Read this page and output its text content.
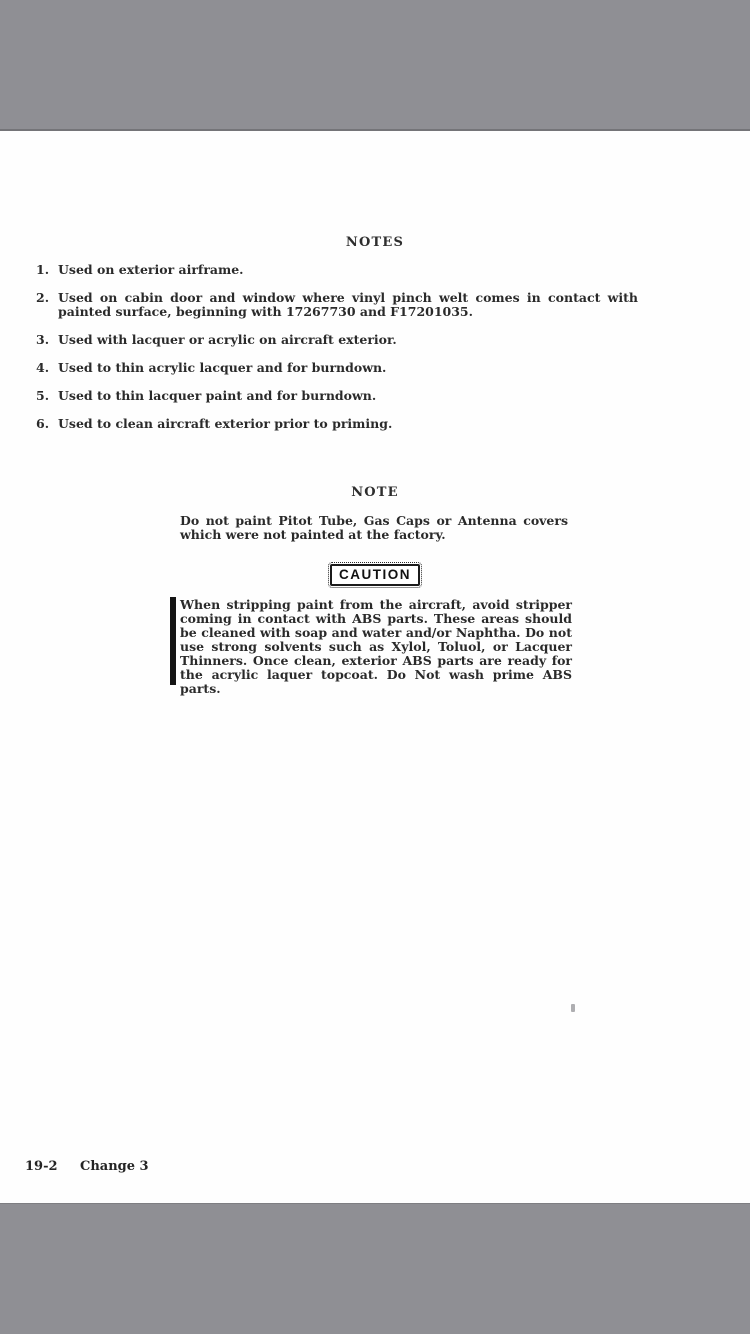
NOTES
1. Used on exterior airframe.
2. Used on cabin door and window where vinyl pinch welt comes in contact with painted surface, beginning with 17267730 and F17201035.
3. Used with lacquer or acrylic on aircraft exterior.
4. Used to thin acrylic lacquer and for burndown.
5. Used to thin lacquer paint and for burndown.
6. Used to clean aircraft exterior prior to priming.
NOTE
Do not paint Pitot Tube, Gas Caps or Antenna covers which were not painted at the factory.
CAUTION
When stripping paint from the aircraft, avoid stripper coming in contact with ABS parts. These areas should be cleaned with soap and water and/or Naphtha. Do not use strong solvents such as Xylol, Toluol, or Lacquer Thinners. Once clean, exterior ABS parts are ready for the acrylic laquer topcoat. Do Not wash prime ABS parts.
19-2 Change 3
